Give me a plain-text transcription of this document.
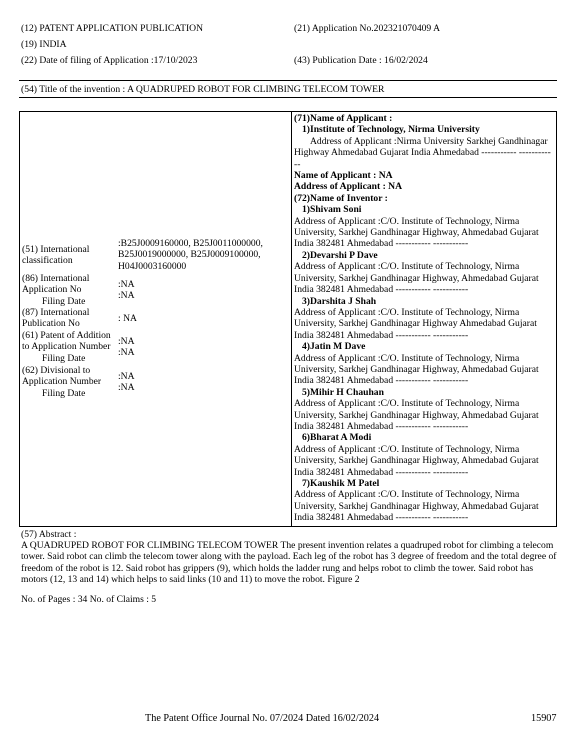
(12) PATENT APPLICATION PUBLICATION
(19) INDIA
(22) Date of filing of Application :17/10/2023
(21) Application No.202321070409 A
(43) Publication Date : 16/02/2024
(54) Title of the invention : A QUADRUPED ROBOT FOR CLIMBING TELECOM TOWER
(51) International
classification
:B25J0009160000, B25J0011000000,
B25J0019000000, B25J0009100000,
H04J0003160000
(86) International
Application No
Filing Date
:NA
:NA
(87) International
Publication No	: NA
(61) Patent of Addition
to Application Number
Filing Date
:NA
:NA
(62) Divisional to
Application Number
Filing Date
:NA
:NA
(71)Name of Applicant :
1)Institute of Technology, Nirma University
Address of Applicant :Nirma University Sarkhej Gandhinagar
Highway Ahmedabad Gujarat India Ahmedabad ----------- ----------
--
Name of Applicant : NA
Address of Applicant : NA
(72)Name of Inventor :
1)Shivam Soni
Address of Applicant :C/O. Institute of Technology, Nirma
University, Sarkhej Gandhinagar Highway, Ahmedabad Gujarat
India 382481 Ahmedabad ----------- -----------
2)Devarshi P Dave
Address of Applicant :C/O. Institute of Technology, Nirma
University, Sarkhej Gandhinagar Highway, Ahmedabad Gujarat
India 382481 Ahmedabad ----------- -----------
3)Darshita J Shah
Address of Applicant :C/O. Institute of Technology, Nirma
University, Sarkhej Gandhinagar Highway Ahmedabad Gujarat
India 382481 Ahmedabad ----------- -----------
4)Jatin M Dave
Address of Applicant :C/O. Institute of Technology, Nirma
University, Sarkhej Gandhinagar Highway, Ahmedabad Gujarat
India 382481 Ahmedabad ----------- -----------
5)Mihir H Chauhan
Address of Applicant :C/O. Institute of Technology, Nirma
University, Sarkhej Gandhinagar Highway, Ahmedabad Gujarat
India 382481 Ahmedabad ----------- -----------
6)Bharat A Modi
Address of Applicant :C/O. Institute of Technology, Nirma
University, Sarkhej Gandhinagar Highway, Ahmedabad Gujarat
India 382481 Ahmedabad ----------- -----------
7)Kaushik M Patel
Address of Applicant :C/O. Institute of Technology, Nirma
University, Sarkhej Gandhinagar Highway, Ahmedabad Gujarat
India 382481 Ahmedabad ----------- -----------
(57) Abstract :
A QUADRUPED ROBOT FOR CLIMBING TELECOM TOWER The present invention relates a quadruped robot for climbing a telecom tower. Said robot can climb the telecom tower along with the payload. Each leg of the robot has 3 degree of freedom and the total degree of freedom of the robot is 12. Said robot has grippers (9), which holds the ladder rung and helps robot to climb the tower. Said robot has motors (12, 13 and 14) which helps to said links (10 and 11) to move the robot. Figure 2
No. of Pages : 34 No. of Claims : 5
The Patent Office Journal No. 07/2024 Dated 16/02/2024	15907
